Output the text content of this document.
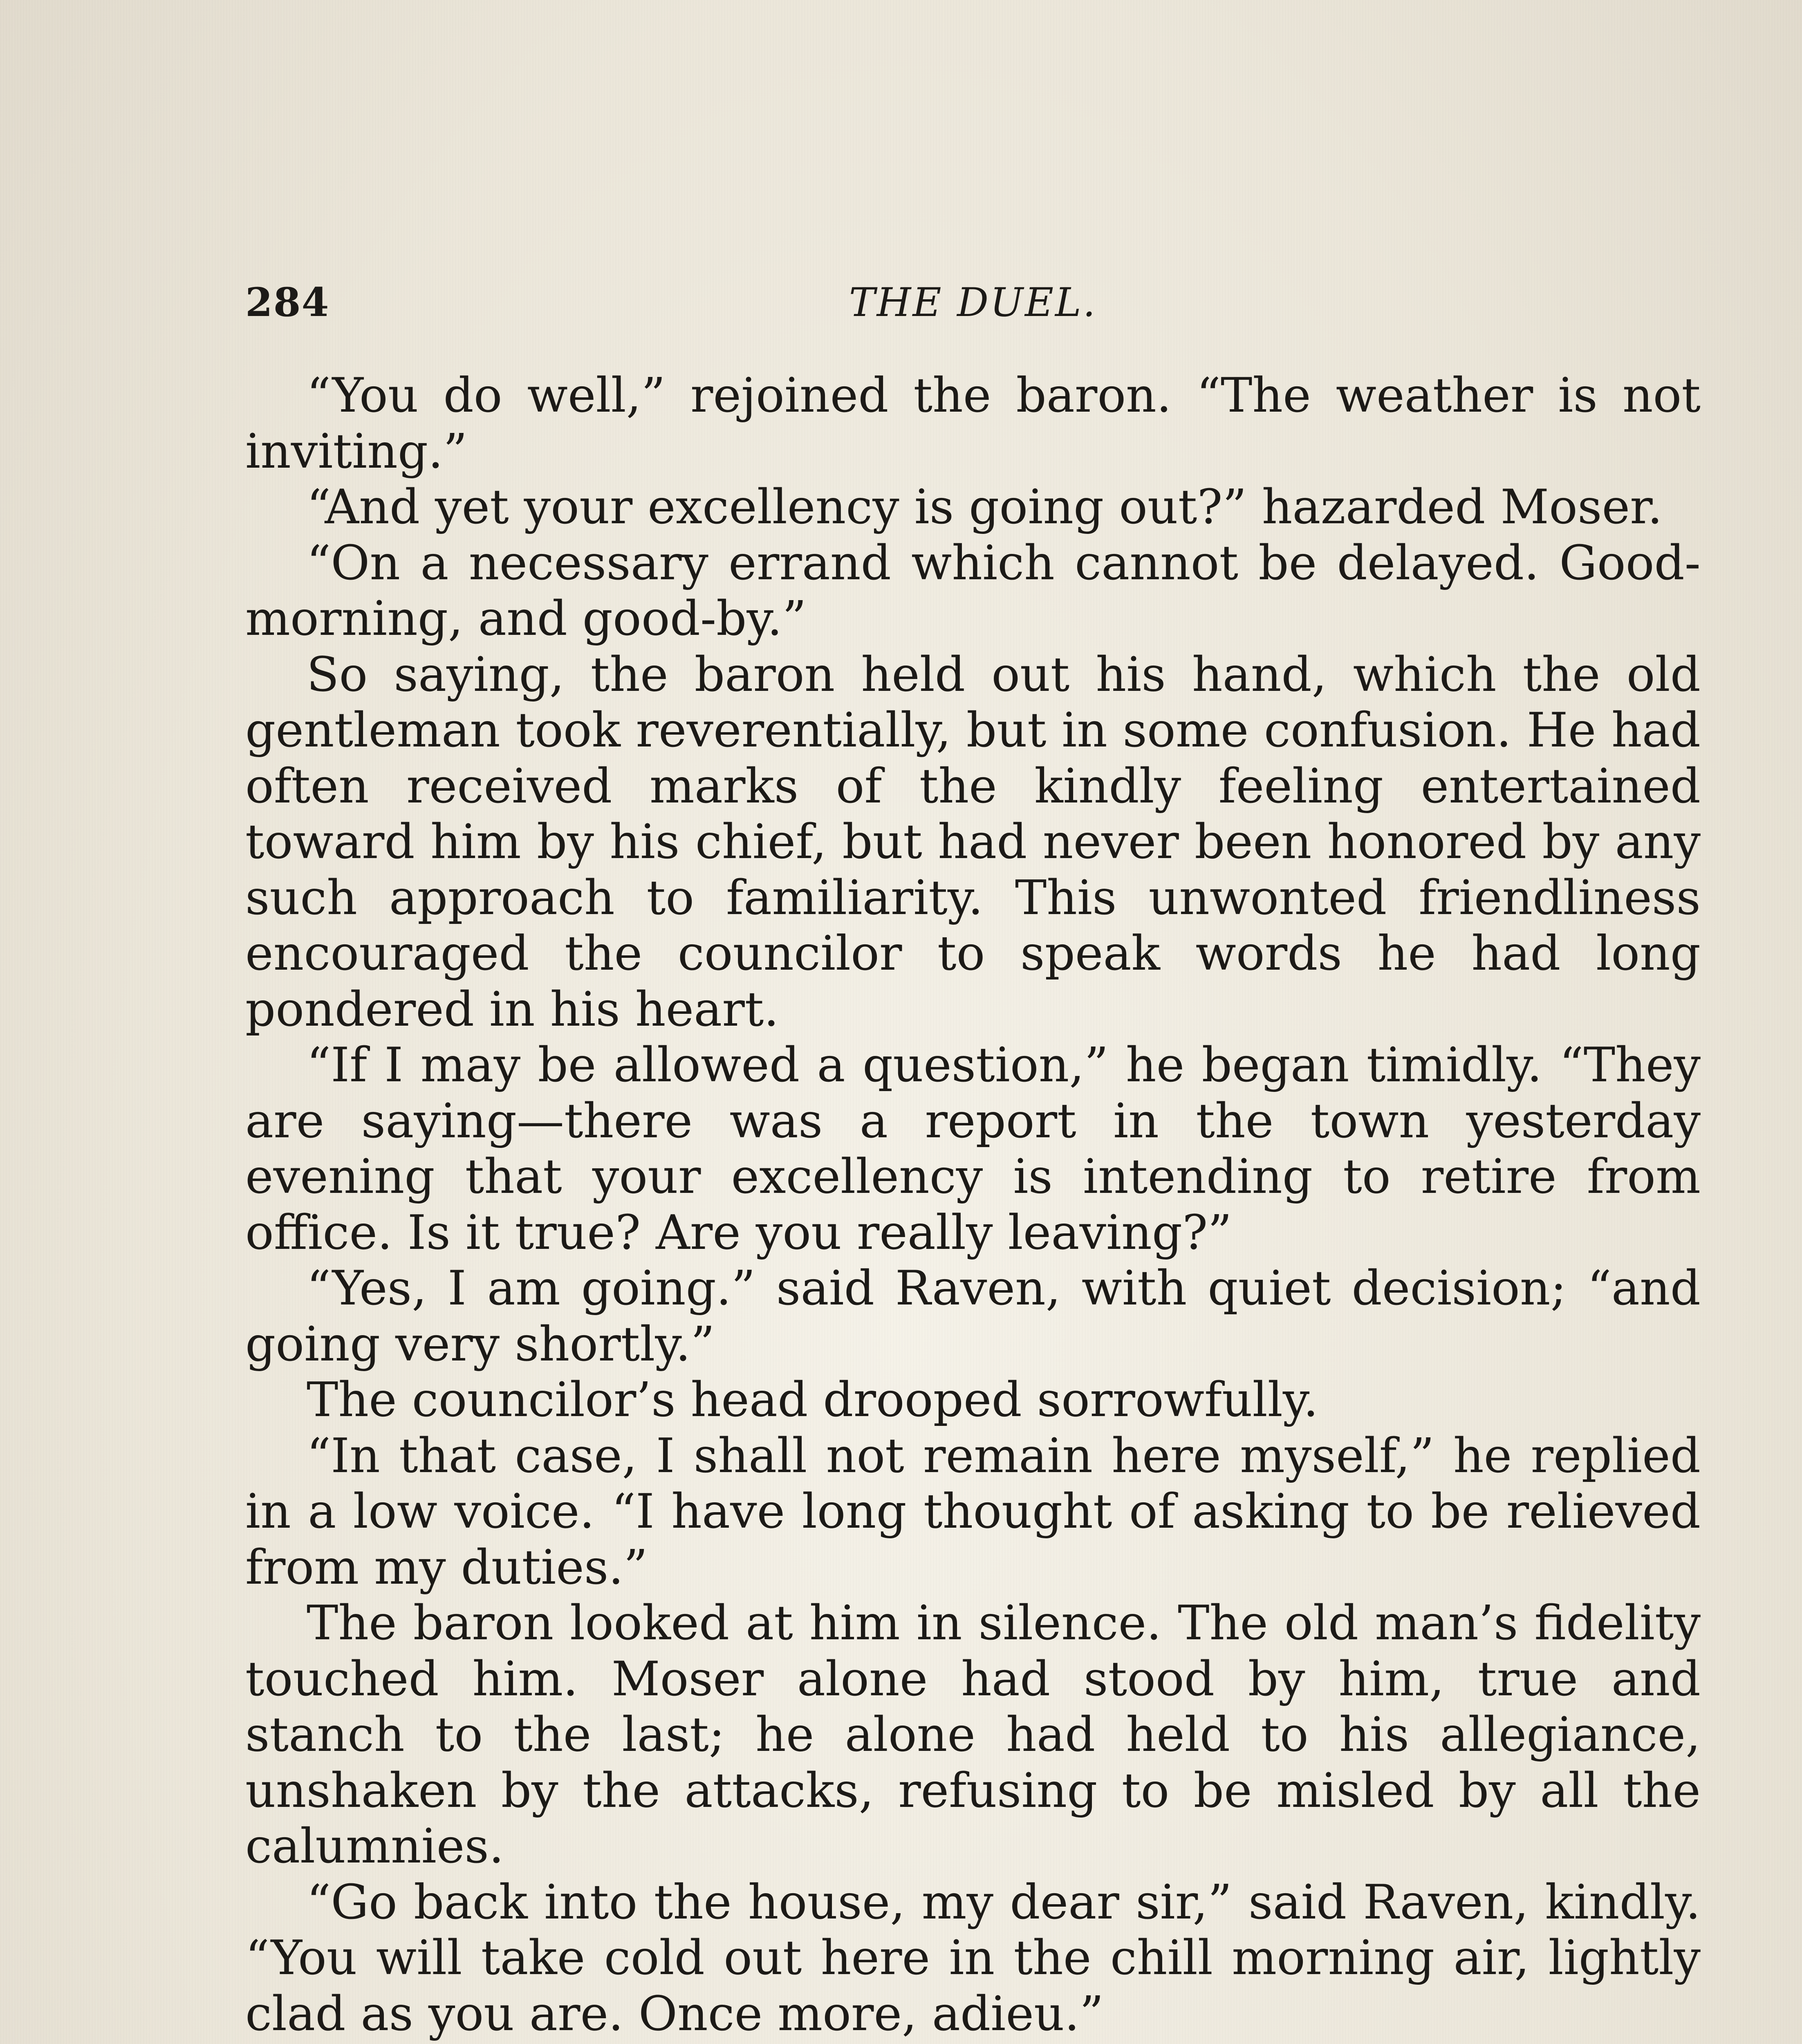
284	THE DUEL.

“You do well,” rejoined the baron. “The weather is not inviting.”

“And yet your excellency is going out?” hazarded Moser.

“On a necessary errand which cannot be delayed. Good-morning, and good-by.”

So saying, the baron held out his hand, which the old gentleman took reverentially, but in some confusion. He had often received marks of the kindly feeling entertained toward him by his chief, but had never been honored by any such approach to familiarity. This unwonted friendliness encouraged the councilor to speak words he had long pondered in his heart.

“If I may be allowed a question,” he began timidly. “They are saying—there was a report in the town yesterday evening that your excellency is intending to retire from office. Is it true? Are you really leaving?”

“Yes, I am going.” said Raven, with quiet decision; “and going very shortly.”

The councilor’s head drooped sorrowfully.

“In that case, I shall not remain here myself,” he replied in a low voice. “I have long thought of asking to be relieved from my duties.”

The baron looked at him in silence. The old man’s fidelity touched him. Moser alone had stood by him, true and stanch to the last; he alone had held to his allegiance, unshaken by the attacks, refusing to be misled by all the calumnies.

“Go back into the house, my dear sir,” said Raven, kindly. “You will take cold out here in the chill morning air, lightly clad as you are. Once more, adieu.”
